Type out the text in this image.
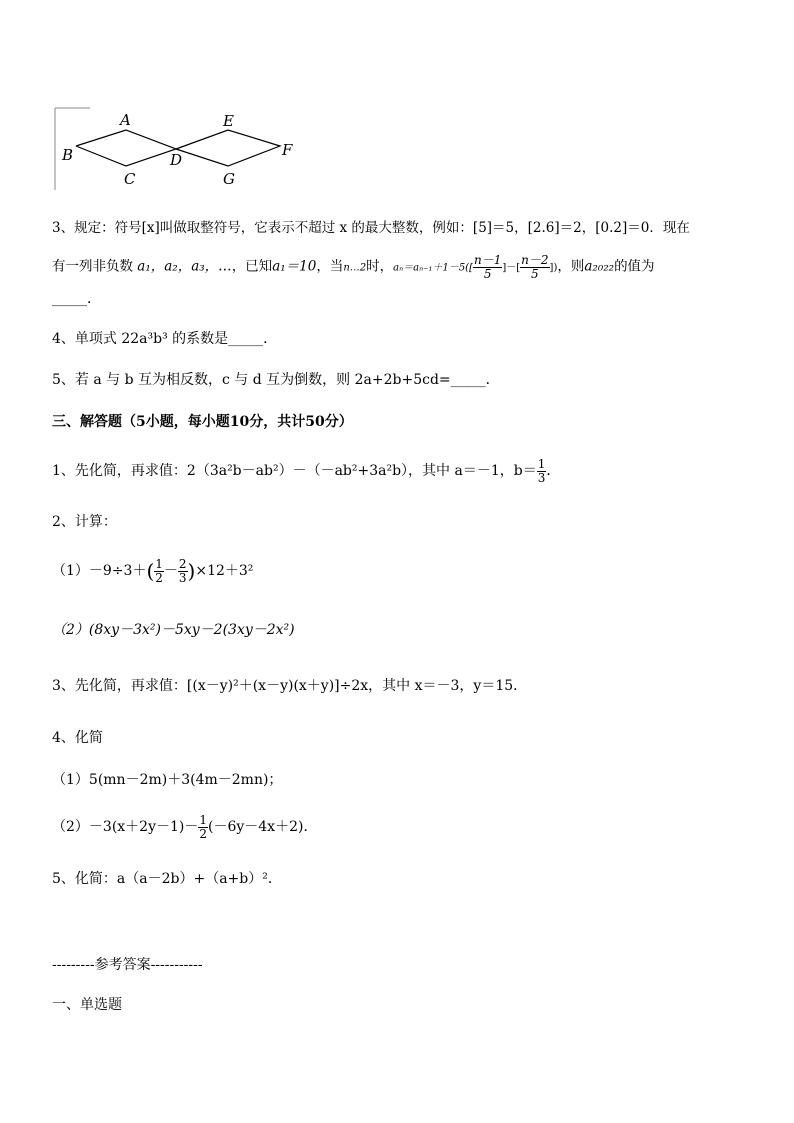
A
B
C
D
E
F
G
3、规定：符号[x]叫做取整符号，它表示不超过 x 的最大整数，例如：[5]＝5，[2.6]＝2，[0.2]＝0．现在
有一列非负数 a₁，a₂，a₃，…，已知a₁＝10，当n…2时，$a_n=a_{n-1}+1-5([ \frac{n-1}{5}$ ]－[ $\frac{n-2}{5}$ ])，则a₂₀₂₂的值为
_____．
4、单项式 22a³b³ 的系数是_____．
5、若 a 与 b 互为相反数，c 与 d 互为倒数，则 2a+2b+5cd=_____．
三、解答题（5小题，每小题10分，共计50分）
1、先化简，再求值：2（3a²b－ab²）－（－ab²+3a²b），其中 a＝－1，$b= \frac{1}{3}$ ．
2、计算：
$(1)-9\div 3+( \frac{1}{2} - \frac{2}{3} )\times 12+3^2$
（2）(8xy－3x²)－5xy－2(3xy－2x²)
3、先化简，再求值：[(x－y)²＋(x－y)(x＋y)]÷2x，其中 x＝－3，y＝15．
4、化简
（1）5(mn－2m)＋3(4m－2mn)；
$(2)-3(x+2y-1)- \frac{1}{2} (-6y-4x+2)$．
5、化简：a（a－2b）+（a+b）²．
---------参考答案-----------
一、单选题
